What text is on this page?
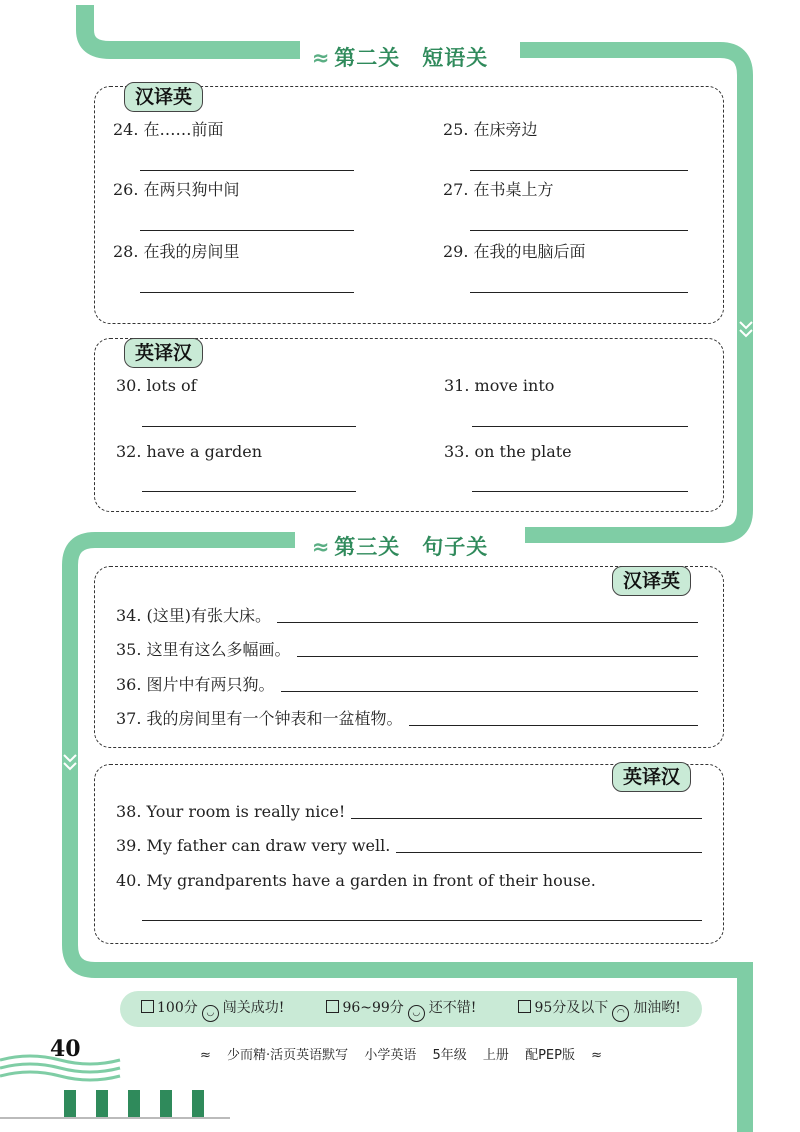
≈ 第二关　短语关
汉译英
24. 在……前面	25. 在床旁边
26. 在两只狗中间	27. 在书桌上方
28. 在我的房间里	29. 在我的电脑后面
英译汉
30. lots of	31. move into
32. have a garden	33. on the plate
≈ 第三关　句子关
汉译英
34. (这里)有张大床。
35. 这里有这么多幅画。
36. 图片中有两只狗。
37. 我的房间里有一个钟表和一盆植物。
英译汉
38. Your room is really nice!
39. My father can draw very well.
40. My grandparents have a garden in front of their house.
100分 ◡ 闯关成功!	96~99分 ◡ 还不错!	95分及以下 ◠ 加油哟!
40	≈ 少而精·活页英语默写 小学英语 5年级 上册 配PEP版 ≈
